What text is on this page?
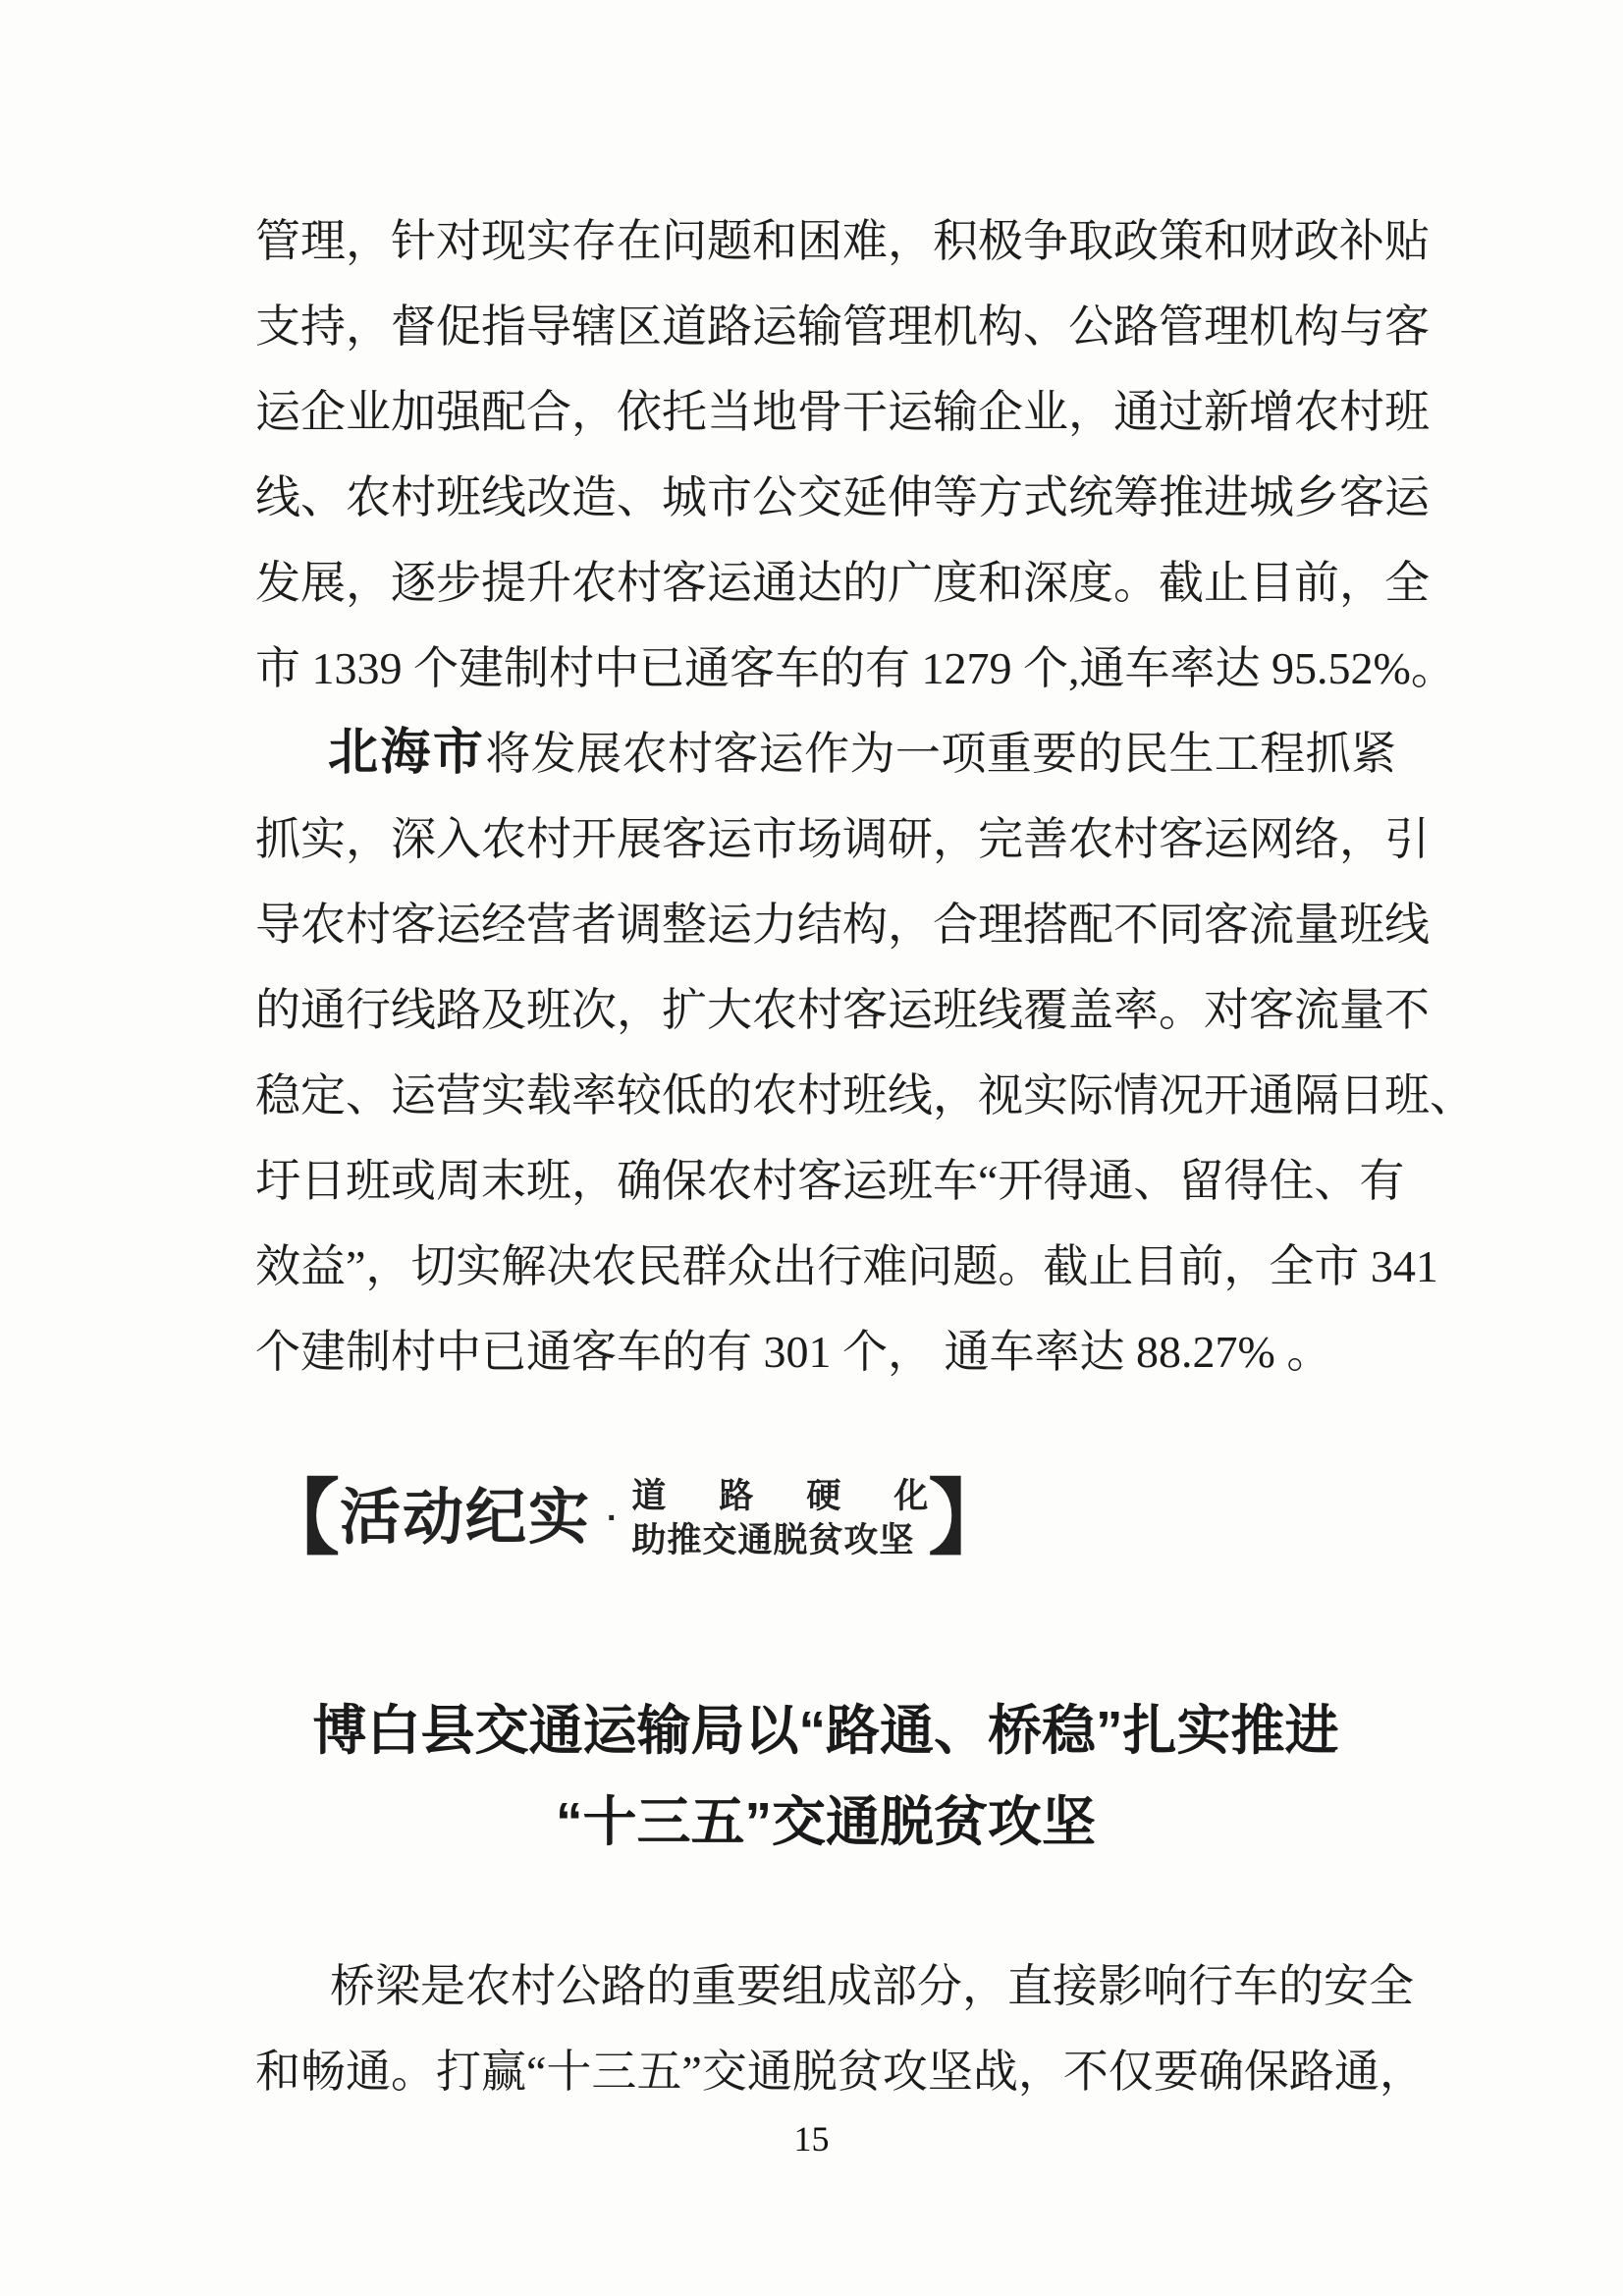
管理，针对现实存在问题和困难，积极争取政策和财政补贴
支持，督促指导辖区道路运输管理机构、公路管理机构与客
运企业加强配合，依托当地骨干运输企业，通过新增农村班
线、农村班线改造、城市公交延伸等方式统筹推进城乡客运
发展，逐步提升农村客运通达的广度和深度。截止目前，全
市 1339 个建制村中已通客车的有 1279 个,通车率达 95.52%。
北海市将发展农村客运作为一项重要的民生工程抓紧
抓实，深入农村开展客运市场调研，完善农村客运网络，引
导农村客运经营者调整运力结构，合理搭配不同客流量班线
的通行线路及班次，扩大农村客运班线覆盖率。对客流量不
稳定、运营实载率较低的农村班线，视实际情况开通隔日班、
圩日班或周末班，确保农村客运班车“开得通、留得住、有
效益”，切实解决农民群众出行难问题。截止目前，全市 341
个建制村中已通客车的有 301 个， 通车率达 88.27% 。
【 活动纪实 ·
道路硬化
助推交通脱贫攻坚 】
博白县交通运输局以“路通、桥稳”扎实推进
“十三五”交通脱贫攻坚
桥梁是农村公路的重要组成部分，直接影响行车的安全
和畅通。打赢“十三五”交通脱贫攻坚战，不仅要确保路通，
15
